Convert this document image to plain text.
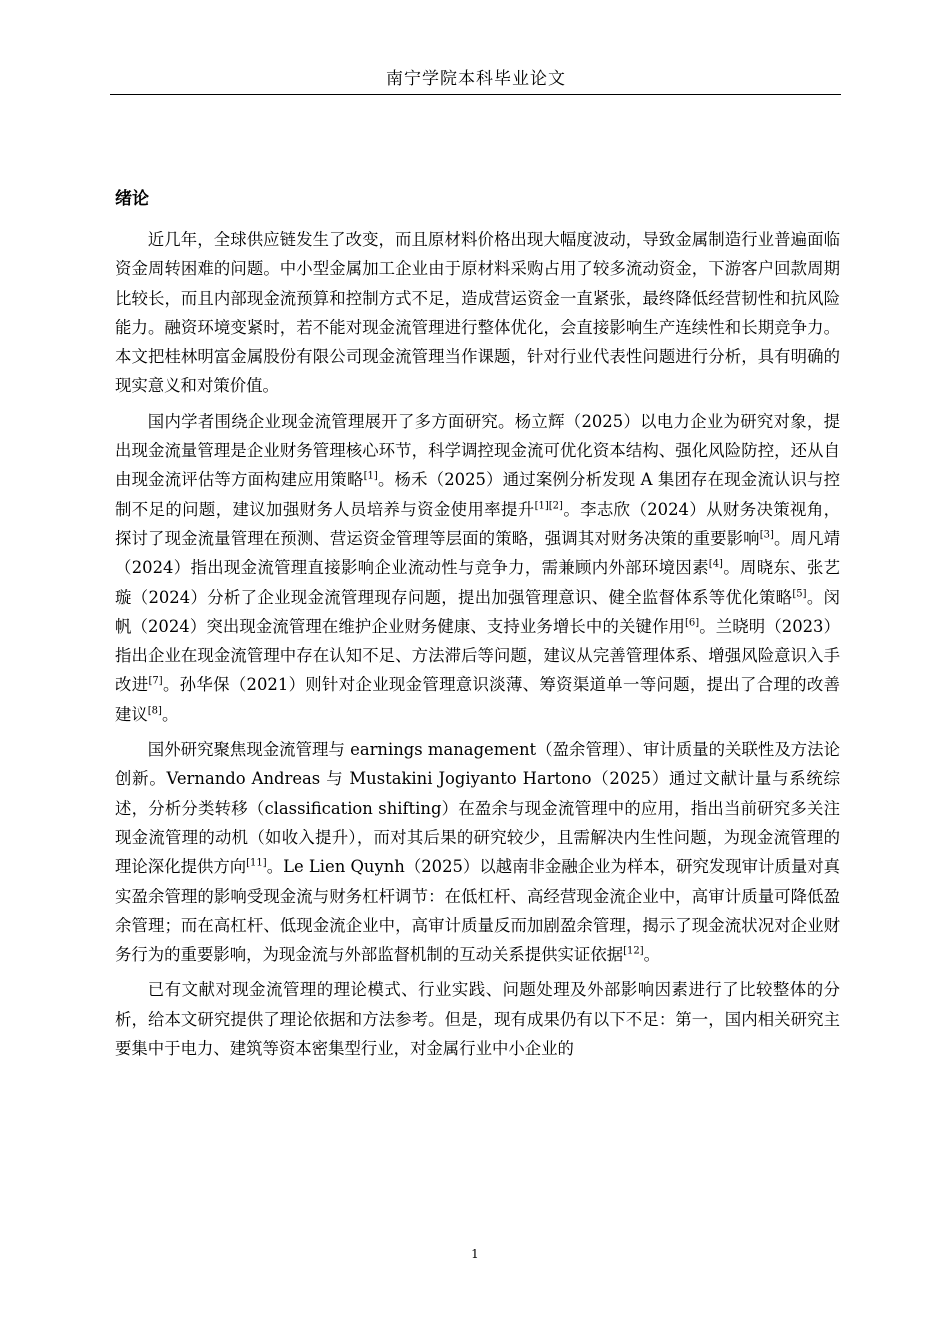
南宁学院本科毕业论文
绪论

近几年，全球供应链发生了改变，而且原材料价格出现大幅度波动，导致金属制造行业普遍面临资金周转困难的问题。中小型金属加工企业由于原材料采购占用了较多流动资金，下游客户回款周期比较长，而且内部现金流预算和控制方式不足，造成营运资金一直紧张，最终降低经营韧性和抗风险能力。融资环境变紧时，若不能对现金流管理进行整体优化，会直接影响生产连续性和长期竞争力。本文把桂林明富金属股份有限公司现金流管理当作课题，针对行业代表性问题进行分析，具有明确的现实意义和对策价值。

国内学者围绕企业现金流管理展开了多方面研究。杨立辉（2025）以电力企业为研究对象，提出现金流量管理是企业财务管理核心环节，科学调控现金流可优化资本结构、强化风险防控，还从自由现金流评估等方面构建应用策略[1]。杨禾（2025）通过案例分析发现 A 集团存在现金流认识与控制不足的问题，建议加强财务人员培养与资金使用率提升[1][2]。李志欣（2024）从财务决策视角，探讨了现金流量管理在预测、营运资金管理等层面的策略，强调其对财务决策的重要影响[3]。周凡靖（2024）指出现金流管理直接影响企业流动性与竞争力，需兼顾内外部环境因素[4]。周晓东、张艺璇（2024）分析了企业现金流管理现存问题，提出加强管理意识、健全监督体系等优化策略[5]。闵帆（2024）突出现金流管理在维护企业财务健康、支持业务增长中的关键作用[6]。兰晓明（2023）指出企业在现金流管理中存在认知不足、方法滞后等问题，建议从完善管理体系、增强风险意识入手改进[7]。孙华保（2021）则针对企业现金管理意识淡薄、筹资渠道单一等问题，提出了合理的改善建议[8]。

国外研究聚焦现金流管理与 earnings management（盈余管理）、审计质量的关联性及方法论创新。Vernando Andreas 与 Mustakini Jogiyanto Hartono（2025）通过文献计量与系统综述，分析分类转移（classification shifting）在盈余与现金流管理中的应用，指出当前研究多关注现金流管理的动机（如收入提升），而对其后果的研究较少，且需解决内生性问题，为现金流管理的理论深化提供方向[11]。Le Lien Quynh（2025）以越南非金融企业为样本，研究发现审计质量对真实盈余管理的影响受现金流与财务杠杆调节：在低杠杆、高经营现金流企业中，高审计质量可降低盈余管理；而在高杠杆、低现金流企业中，高审计质量反而加剧盈余管理，揭示了现金流状况对企业财务行为的重要影响，为现金流与外部监督机制的互动关系提供实证依据[12]。

已有文献对现金流管理的理论模式、行业实践、问题处理及外部影响因素进行了比较整体的分析，给本文研究提供了理论依据和方法参考。但是，现有成果仍有以下不足：第一，国内相关研究主要集中于电力、建筑等资本密集型行业，对金属行业中小企业的

1
